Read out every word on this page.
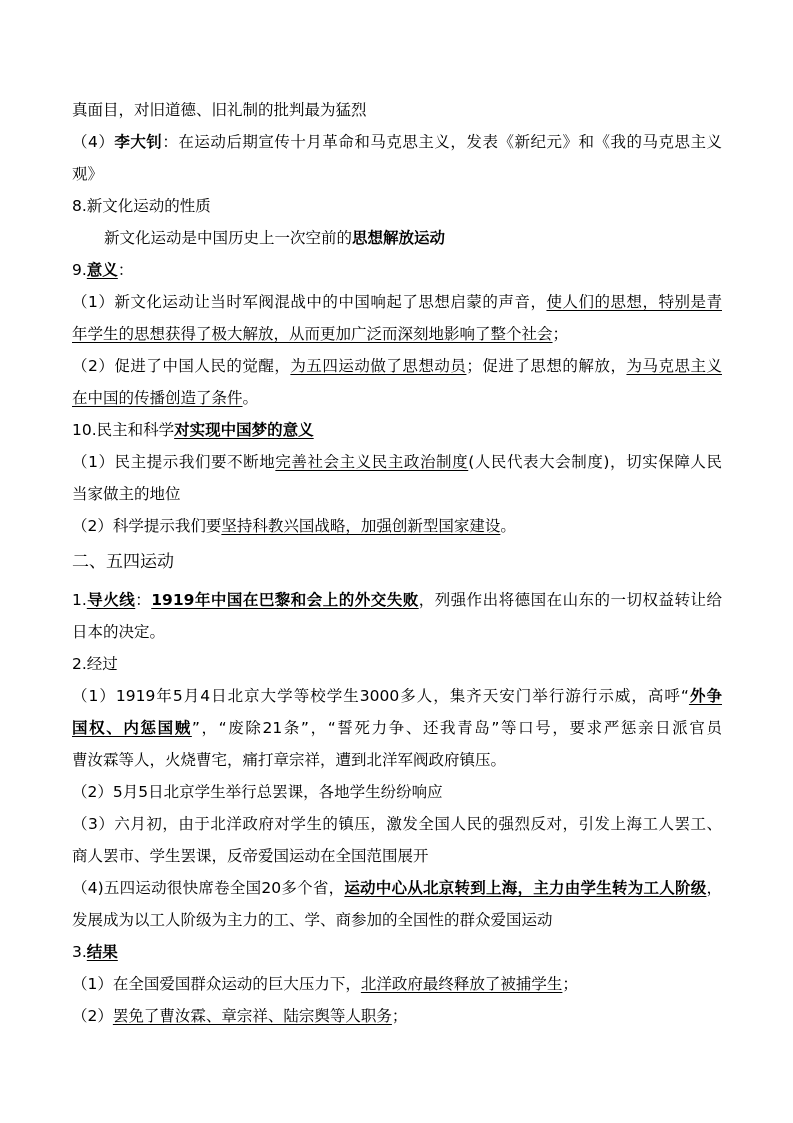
真面目，对旧道德、旧礼制的批判最为猛烈
（4）李大钊：在运动后期宣传十月革命和马克思主义，发表《新纪元》和《我的马克思主义
观》
8.新文化运动的性质
新文化运动是中国历史上一次空前的思想解放运动
9.意义：
（1）新文化运动让当时军阀混战中的中国响起了思想启蒙的声音，使人们的思想，特别是青
年学生的思想获得了极大解放，从而更加广泛而深刻地影响了整个社会；
（2）促进了中国人民的觉醒，为五四运动做了思想动员；促进了思想的解放，为马克思主义
在中国的传播创造了条件。
10.民主和科学对实现中国梦的意义
（1）民主提示我们要不断地完善社会主义民主政治制度(人民代表大会制度)，切实保障人民
当家做主的地位
（2）科学提示我们要坚持科教兴国战略，加强创新型国家建设。
二、五四运动
1.导火线：1919年中国在巴黎和会上的外交失败，列强作出将德国在山东的一切权益转让给
日本的决定。
2.经过
（1）1919年5月4日北京大学等校学生3000多人，集齐天安门举行游行示威，高呼“外争
国权、内惩国贼”，“废除21条”，“誓死力争、还我青岛”等口号，要求严惩亲日派官员
曹汝霖等人，火烧曹宅，痛打章宗祥，遭到北洋军阀政府镇压。
（2）5月5日北京学生举行总罢课，各地学生纷纷响应
（3）六月初，由于北洋政府对学生的镇压，激发全国人民的强烈反对，引发上海工人罢工、
商人罢市、学生罢课，反帝爱国运动在全国范围展开
（4)五四运动很快席卷全国20多个省，运动中心从北京转到上海，主力由学生转为工人阶级，
发展成为以工人阶级为主力的工、学、商参加的全国性的群众爱国运动
3.结果
（1）在全国爱国群众运动的巨大压力下，北洋政府最终释放了被捕学生；
（2）罢免了曹汝霖、章宗祥、陆宗舆等人职务；
